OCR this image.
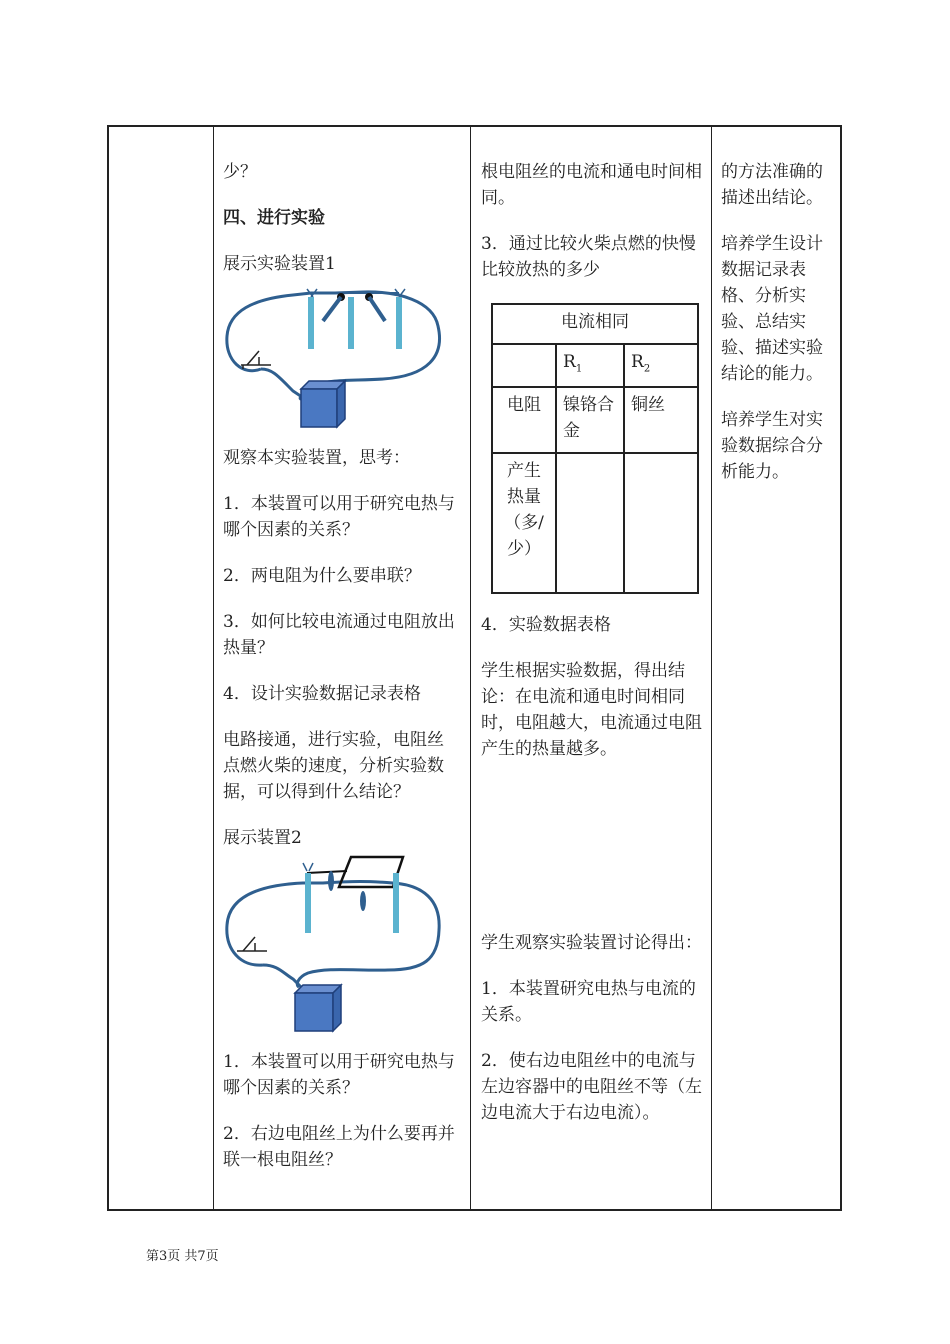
少？

四、进行实验

展示实验装置1

观察本实验装置，思考：

1．本装置可以用于研究电热与哪个因素的关系？

2．两电阻为什么要串联？

3．如何比较电流通过电阻放出热量？

4．设计实验数据记录表格

电路接通，进行实验，电阻丝点燃火柴的速度，分析实验数据，可以得到什么结论？

展示装置2

1．本装置可以用于研究电热与哪个因素的关系？

2．右边电阻丝上为什么要再并联一根电阻丝？

根电阻丝的电流和通电时间相同。

3．通过比较火柴点燃的快慢比较放热的多少

电流相同		
	$R_1$	$R_2$
电阻	镍铬合金	铜丝
产生热量（多/少）		

4．实验数据表格

学生根据实验数据，得出结论：在电流和通电时间相同时，电阻越大，电流通过电阻产生的热量越多。

学生观察实验装置讨论得出：

1．本装置研究电热与电流的关系。

2．使右边电阻丝中的电流与左边容器中的电阻丝不等（左边电流大于右边电流）。

的方法准确的描述出结论。

培养学生设计数据记录表格、分析实验、总结实验、描述实验结论的能力。

培养学生对实验数据综合分析能力。

第3页 共7页
